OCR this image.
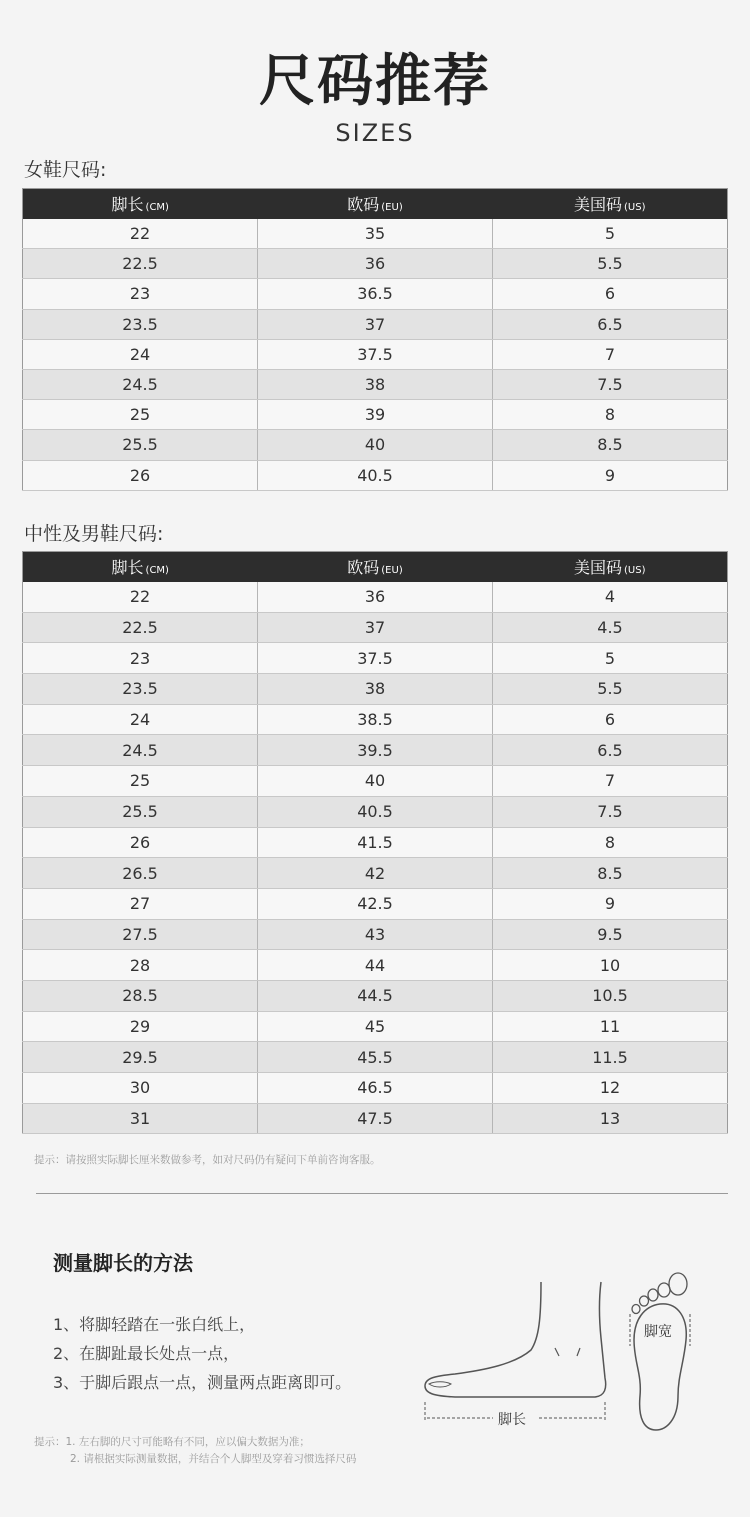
尺码推荐
SIZES
女鞋尺码:
脚长 (CM)	欧码 (EU)	美国码 (US)
22	35	5
22.5	36	5.5
23	36.5	6
23.5	37	6.5
24	37.5	7
24.5	38	7.5
25	39	8
25.5	40	8.5
26	40.5	9
中性及男鞋尺码:
脚长 (CM)	欧码 (EU)	美国码 (US)
22	36	4
22.5	37	4.5
23	37.5	5
23.5	38	5.5
24	38.5	6
24.5	39.5	6.5
25	40	7
25.5	40.5	7.5
26	41.5	8
26.5	42	8.5
27	42.5	9
27.5	43	9.5
28	44	10
28.5	44.5	10.5
29	45	11
29.5	45.5	11.5
30	46.5	12
31	47.5	13
提示：请按照实际脚长厘米数做参考，如对尺码仍有疑问下单前咨询客服。
测量脚长的方法
1、将脚轻踏在一张白纸上，
2、在脚趾最长处点一点，
3、于脚后跟点一点，测量两点距离即可。
脚长
脚宽
提示：1. 左右脚的尺寸可能略有不同，应以偏大数据为准；
2. 请根据实际测量数据，并结合个人脚型及穿着习惯选择尺码
